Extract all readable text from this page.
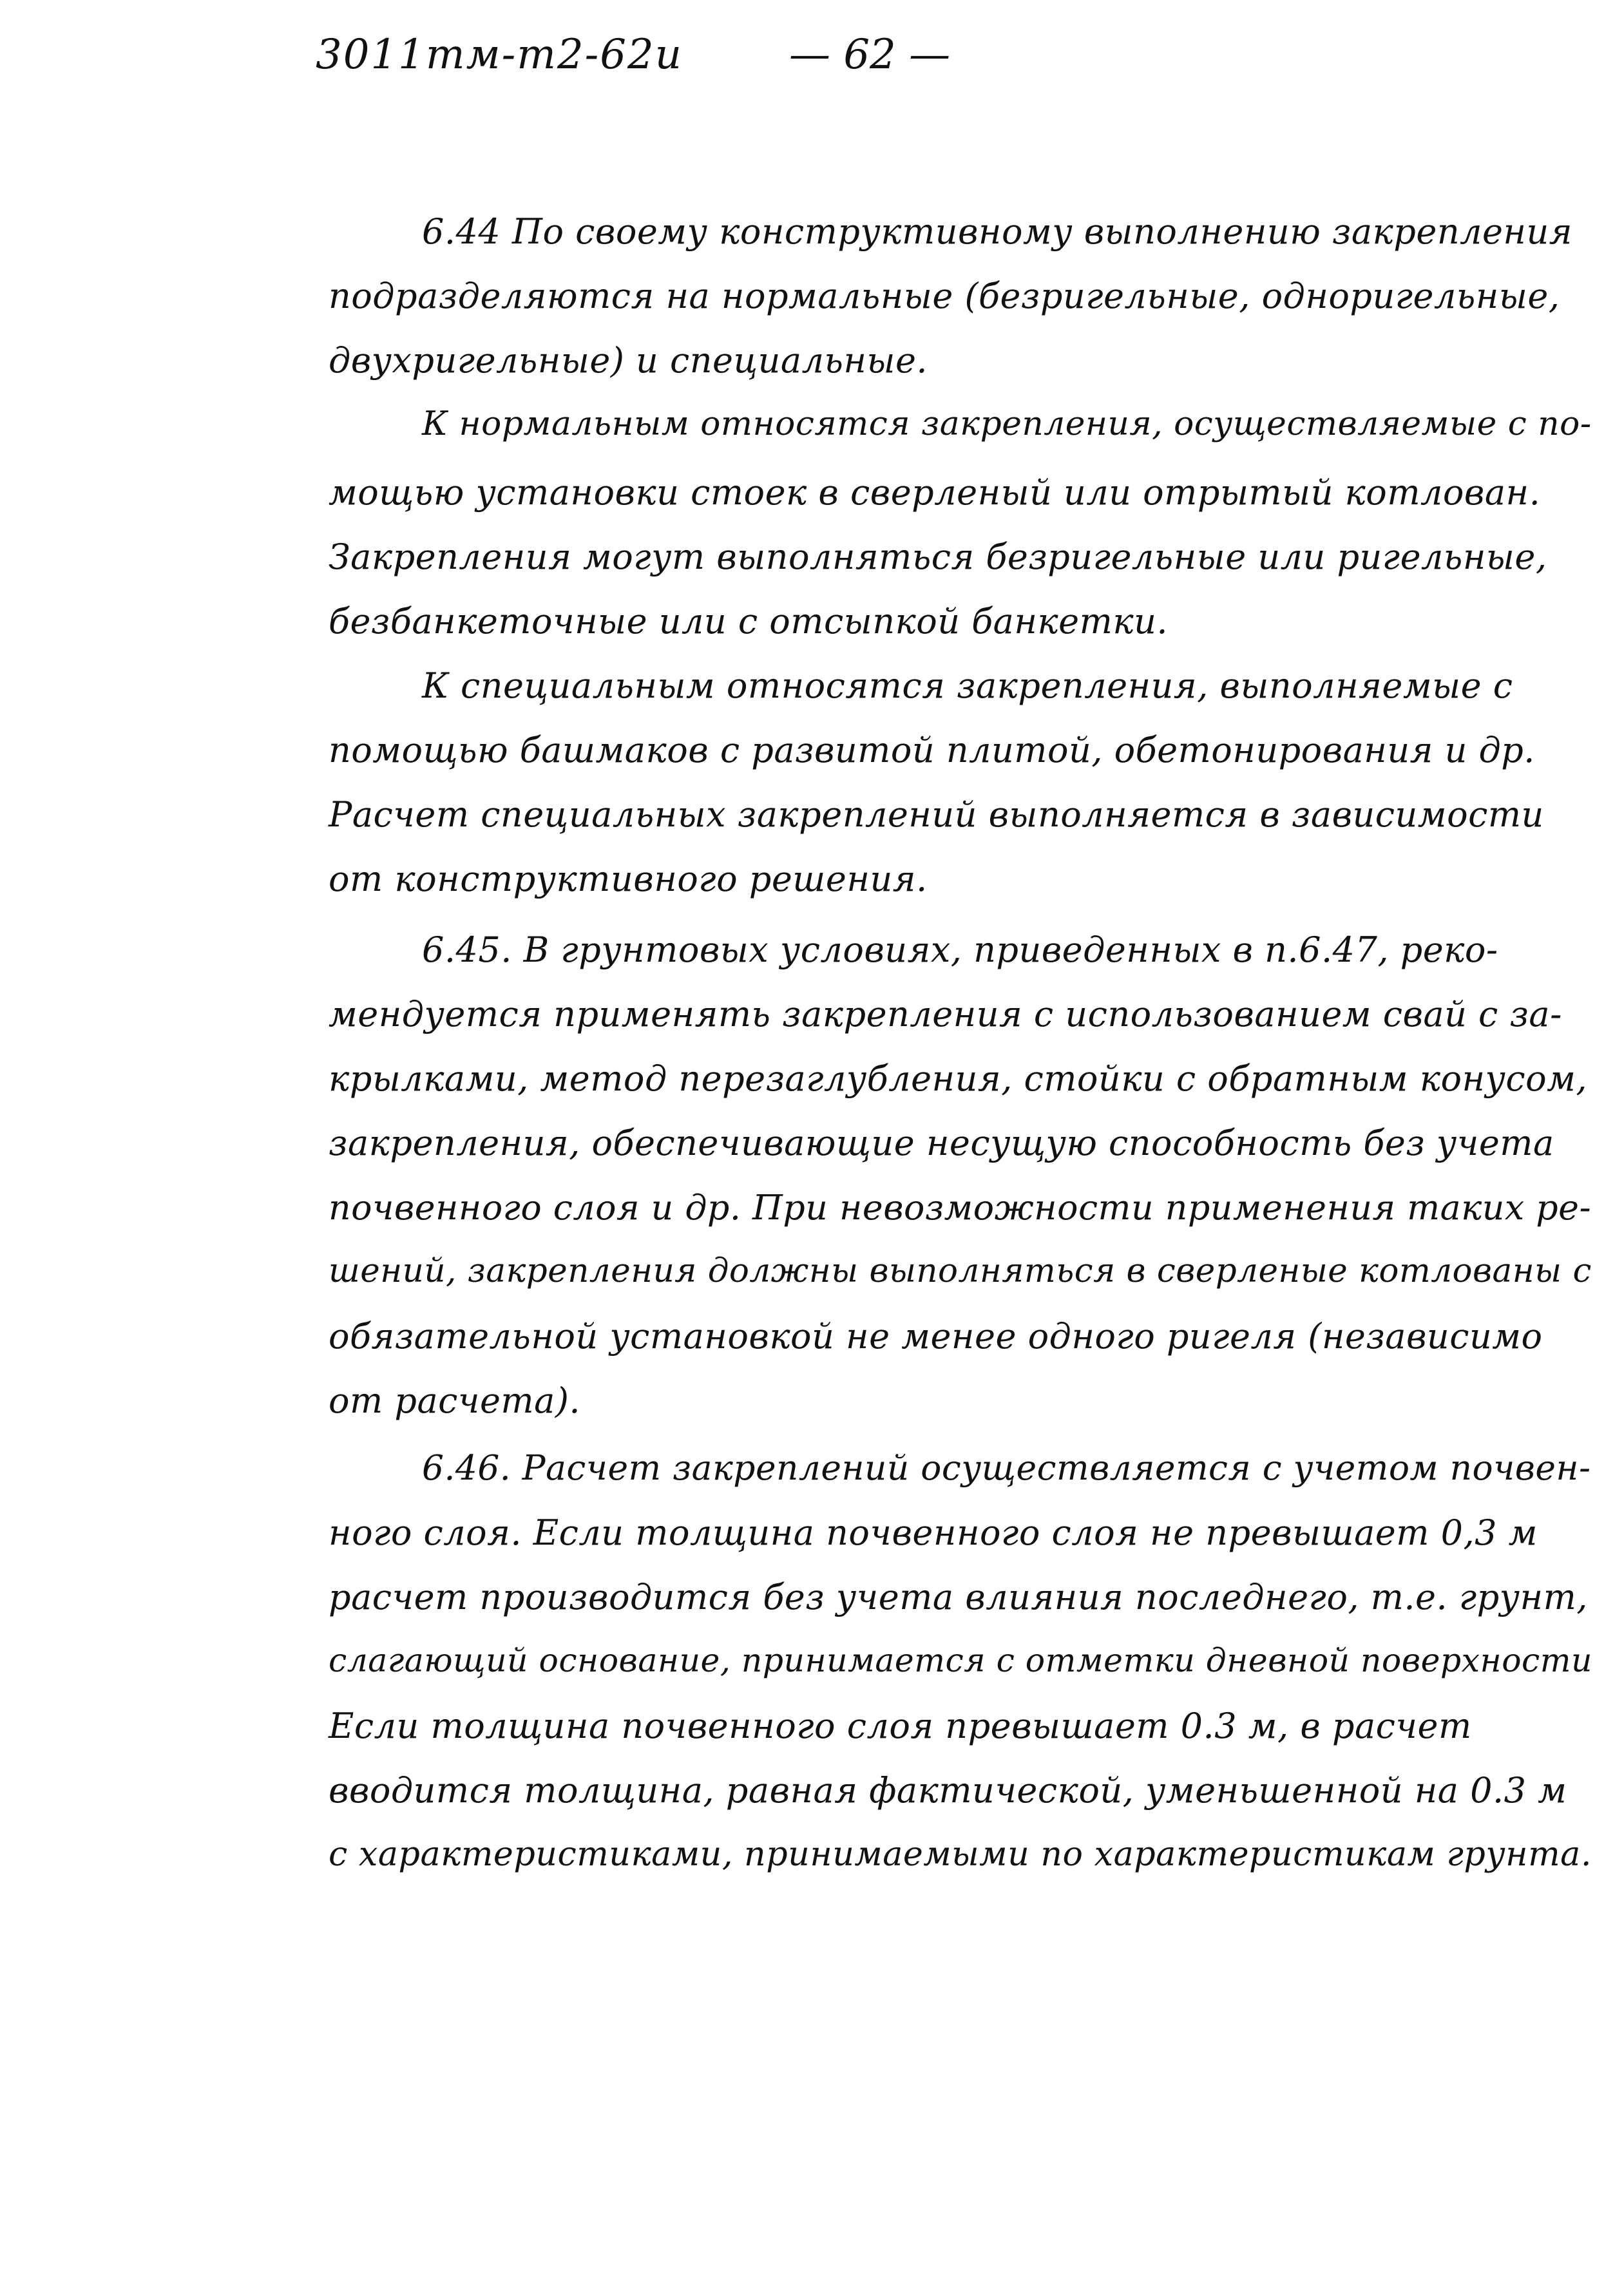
3011тм-т2-62и	— 62 —
6.44 По своему конструктивному выполнению закрепления
подразделяются на нормальные (безригельные, одноригельные,
двухригельные) и специальные.
К нормальным относятся закрепления, осуществляемые с по-
мощью установки стоек в сверленый или отрытый котлован.
Закрепления могут выполняться безригельные или ригельные,
безбанкеточные или с отсыпкой банкетки.
К специальным относятся закрепления, выполняемые с
помощью башмаков с развитой плитой, обетонирования и др.
Расчет специальных закреплений выполняется в зависимости
от конструктивного решения.
6.45. В грунтовых условиях, приведенных в п.6.47, реко-
мендуется применять закрепления с использованием свай с за-
крылками, метод перезаглубления, стойки с обратным конусом,
закрепления, обеспечивающие несущую способность без учета
почвенного слоя и др. При невозможности применения таких ре-
шений, закрепления должны выполняться в сверленые котлованы с
обязательной установкой не менее одного ригеля (независимо
от расчета).
6.46. Расчет закреплений осуществляется с учетом почвен-
ного слоя. Если толщина почвенного слоя не превышает 0,3 м
расчет производится без учета влияния последнего, т.е. грунт,
слагающий основание, принимается с отметки дневной поверхности
Если толщина почвенного слоя превышает 0.3 м, в расчет
вводится толщина, равная фактической, уменьшенной на 0.3 м
с характеристиками, принимаемыми по характеристикам грунта.
